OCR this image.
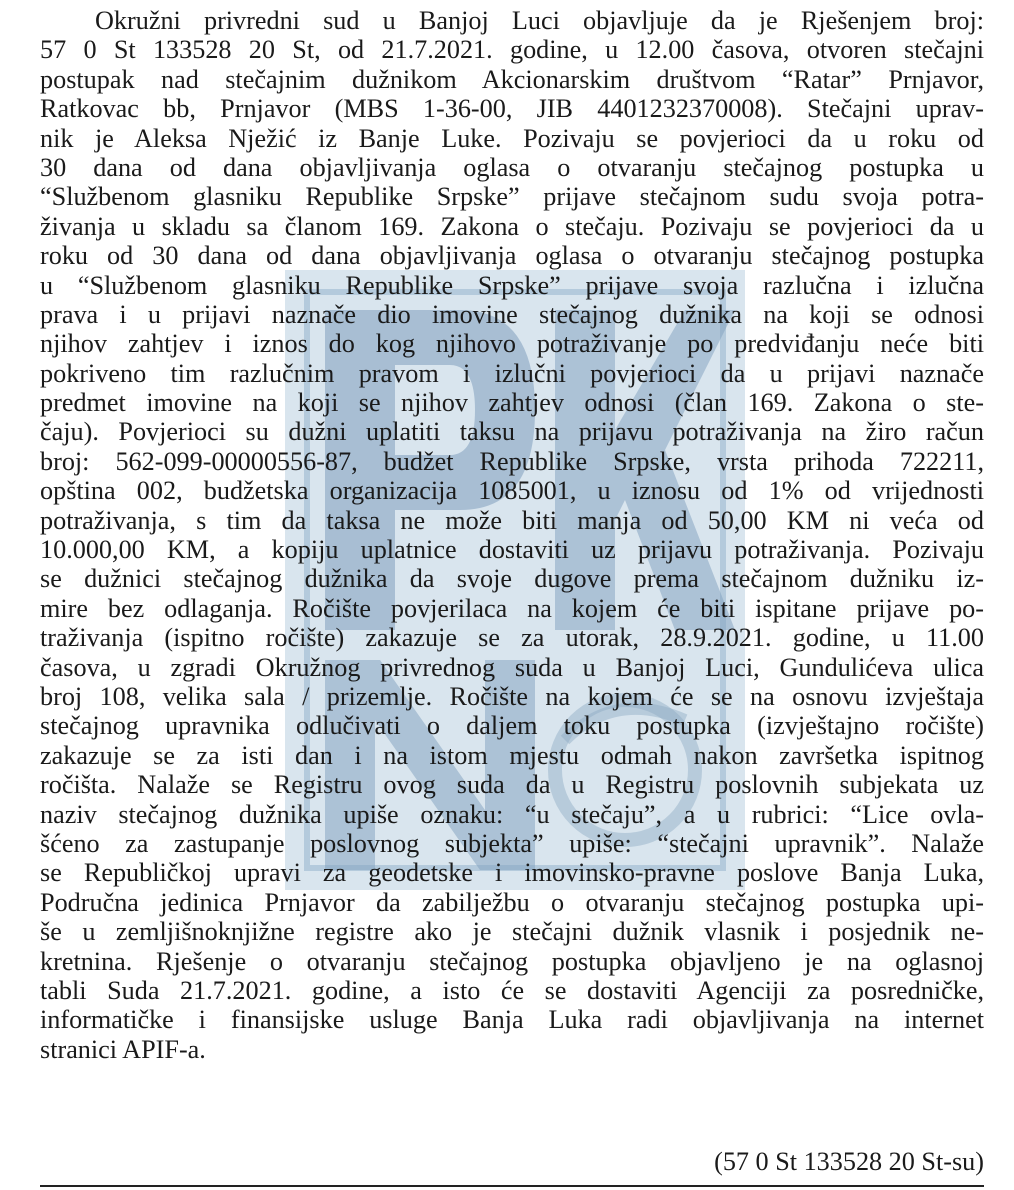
Okružni privredni sud u Banjoj Luci objavljuje da je Rješenjem broj:
57 0 St 133528 20 St, od 21.7.2021. godine, u 12.00 časova, otvoren stečajni
postupak nad stečajnim dužnikom Akcionarskim društvom “Ratar” Prnjavor,
Ratkovac bb, Prnjavor (MBS 1-36-00, JIB 4401232370008). Stečajni uprav-
nik je Aleksa Nježić iz Banje Luke. Pozivaju se povjerioci da u roku od
30 dana od dana objavljivanja oglasa o otvaranju stečajnog postupka u
“Službenom glasniku Republike Srpske” prijave stečajnom sudu svoja potra-
živanja u skladu sa članom 169. Zakona o stečaju. Pozivaju se povjerioci da u
roku od 30 dana od dana objavljivanja oglasa o otvaranju stečajnog postupka
u “Službenom glasniku Republike Srpske” prijave svoja razlučna i izlučna
prava i u prijavi naznače dio imovine stečajnog dužnika na koji se odnosi
njihov zahtjev i iznos do kog njihovo potraživanje po predviđanju neće biti
pokriveno tim razlučnim pravom i izlučni povjerioci da u prijavi naznače
predmet imovine na koji se njihov zahtjev odnosi (član 169. Zakona o ste-
čaju). Povjerioci su dužni uplatiti taksu na prijavu potraživanja na žiro račun
broj: 562-099-00000556-87, budžet Republike Srpske, vrsta prihoda 722211,
opština 002, budžetska organizacija 1085001, u iznosu od 1% od vrijednosti
potraživanja, s tim da taksa ne može biti manja od 50,00 KM ni veća od
10.000,00 KM, a kopiju uplatnice dostaviti uz prijavu potraživanja. Pozivaju
se dužnici stečajnog dužnika da svoje dugove prema stečajnom dužniku iz-
mire bez odlaganja. Ročište povjerilaca na kojem će biti ispitane prijave po-
traživanja (ispitno ročište) zakazuje se za utorak, 28.9.2021. godine, u 11.00
časova, u zgradi Okružnog privrednog suda u Banjoj Luci, Gundulićeva ulica
broj 108, velika sala / prizemlje. Ročište na kojem će se na osnovu izvještaja
stečajnog upravnika odlučivati o daljem toku postupka (izvještajno ročište)
zakazuje se za isti dan i na istom mjestu odmah nakon završetka ispitnog
ročišta. Nalaže se Registru ovog suda da u Registru poslovnih subjekata uz
naziv stečajnog dužnika upiše oznaku: “u stečaju”, a u rubrici: “Lice ovla-
šćeno za zastupanje poslovnog subjekta” upiše: “stečajni upravnik”. Nalaže
se Republičkoj upravi za geodetske i imovinsko-pravne poslove Banja Luka,
Područna jedinica Prnjavor da zabilježbu o otvaranju stečajnog postupka upi-
še u zemljišnoknjižne registre ako je stečajni dužnik vlasnik i posjednik ne-
kretnina. Rješenje o otvaranju stečajnog postupka objavljeno je na oglasnoj
tabli Suda 21.7.2021. godine, a isto će se dostaviti Agenciji za posredničke,
informatičke i finansijske usluge Banja Luka radi objavljivanja na internet
stranici APIF-a.
(57 0 St 133528 20 St-su)
